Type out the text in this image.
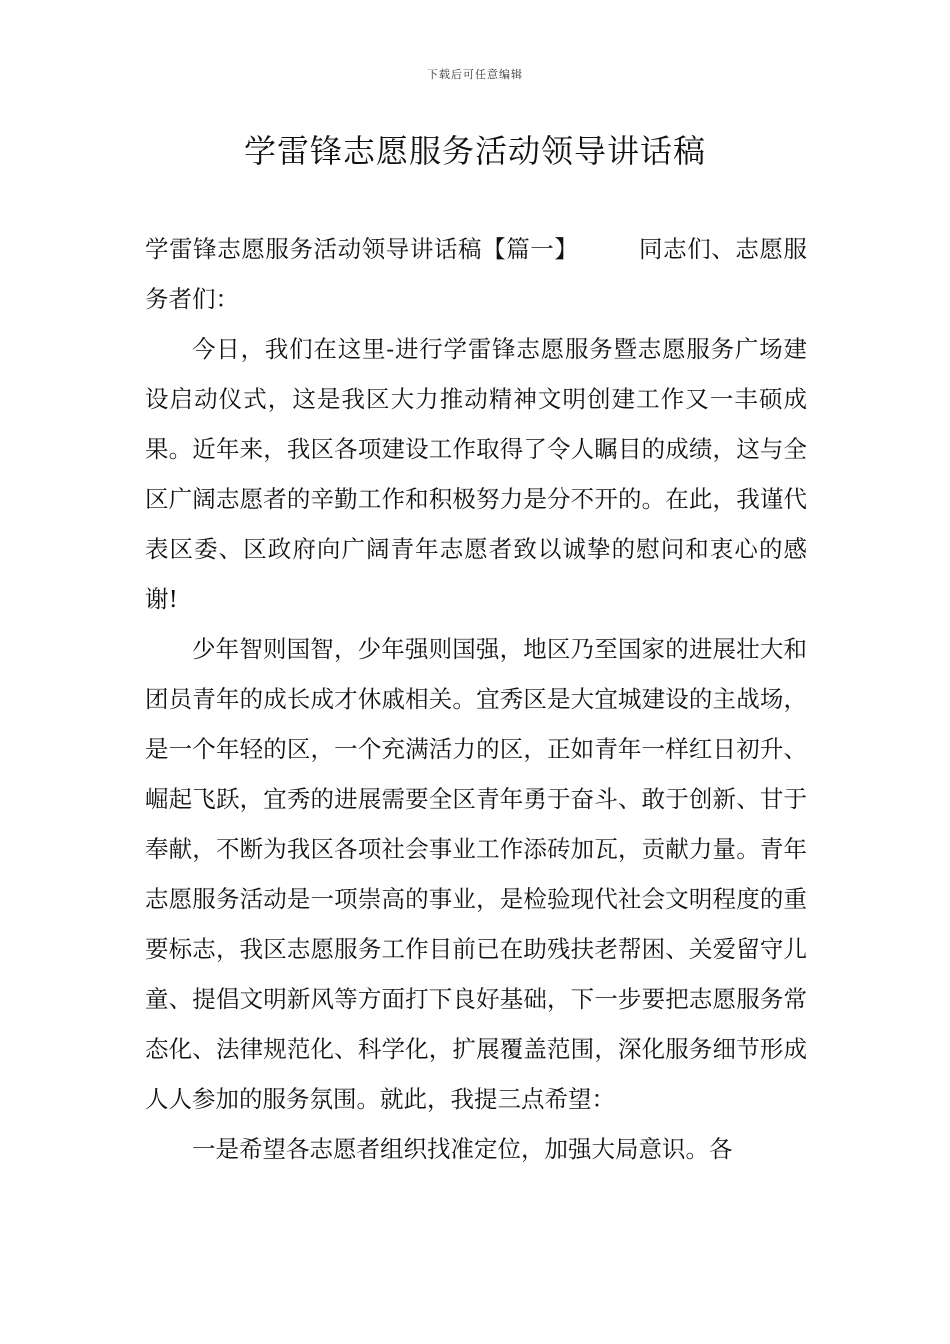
下载后可任意编辑
学雷锋志愿服务活动领导讲话稿

学雷锋志愿服务活动领导讲话稿【篇一】	同志们、志愿服务者们：

今日，我们在这里-进行学雷锋志愿服务暨志愿服务广场建设启动仪式，这是我区大力推动精神文明创建工作又一丰硕成果。近年来，我区各项建设工作取得了令人瞩目的成绩，这与全区广阔志愿者的辛勤工作和积极努力是分不开的。在此，我谨代表区委、区政府向广阔青年志愿者致以诚挚的慰问和衷心的感谢!

少年智则国智，少年强则国强，地区乃至国家的进展壮大和团员青年的成长成才休戚相关。宜秀区是大宜城建设的主战场，是一个年轻的区，一个充满活力的区，正如青年一样红日初升、崛起飞跃，宜秀的进展需要全区青年勇于奋斗、敢于创新、甘于奉献，不断为我区各项社会事业工作添砖加瓦，贡献力量。青年志愿服务活动是一项崇高的事业，是检验现代社会文明程度的重要标志，我区志愿服务工作目前已在助残扶老帮困、关爱留守儿童、提倡文明新风等方面打下良好基础，下一步要把志愿服务常态化、法律规范化、科学化，扩展覆盖范围，深化服务细节形成人人参加的服务氛围。就此，我提三点希望：

一是希望各志愿者组织找准定位，加强大局意识。各
